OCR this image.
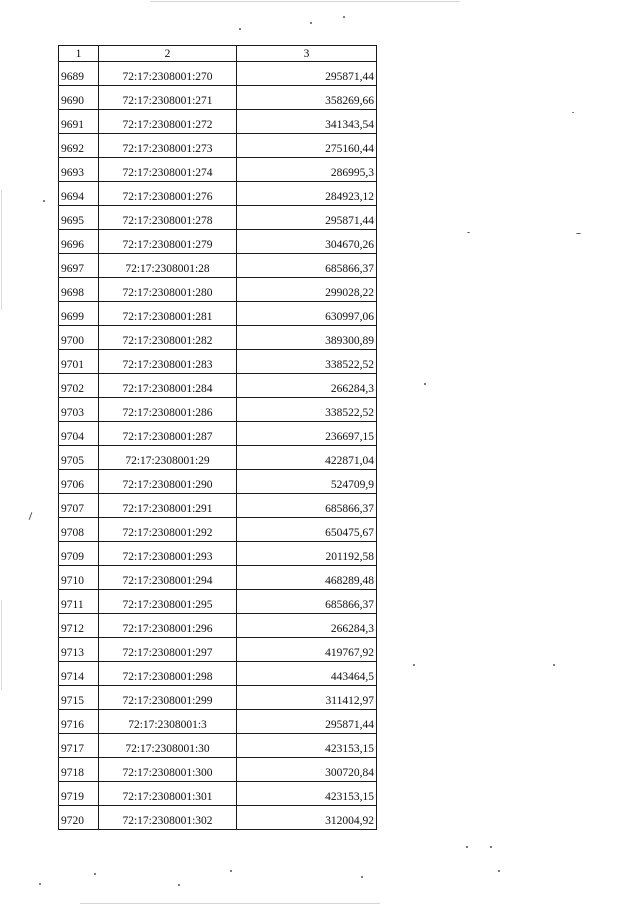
1	2	3
9689	72:17:2308001:270	295871,44
9690	72:17:2308001:271	358269,66
9691	72:17:2308001:272	341343,54
9692	72:17:2308001:273	275160,44
9693	72:17:2308001:274	286995,3
9694	72:17:2308001:276	284923,12
9695	72:17:2308001:278	295871,44
9696	72:17:2308001:279	304670,26
9697	72:17:2308001:28	685866,37
9698	72:17:2308001:280	299028,22
9699	72:17:2308001:281	630997,06
9700	72:17:2308001:282	389300,89
9701	72:17:2308001:283	338522,52
9702	72:17:2308001:284	266284,3
9703	72:17:2308001:286	338522,52
9704	72:17:2308001:287	236697,15
9705	72:17:2308001:29	422871,04
9706	72:17:2308001:290	524709,9
9707	72:17:2308001:291	685866,37
9708	72:17:2308001:292	650475,67
9709	72:17:2308001:293	201192,58
9710	72:17:2308001:294	468289,48
9711	72:17:2308001:295	685866,37
9712	72:17:2308001:296	266284,3
9713	72:17:2308001:297	419767,92
9714	72:17:2308001:298	443464,5
9715	72:17:2308001:299	311412,97
9716	72:17:2308001:3	295871,44
9717	72:17:2308001:30	423153,15
9718	72:17:2308001:300	300720,84
9719	72:17:2308001:301	423153,15
9720	72:17:2308001:302	312004,92
